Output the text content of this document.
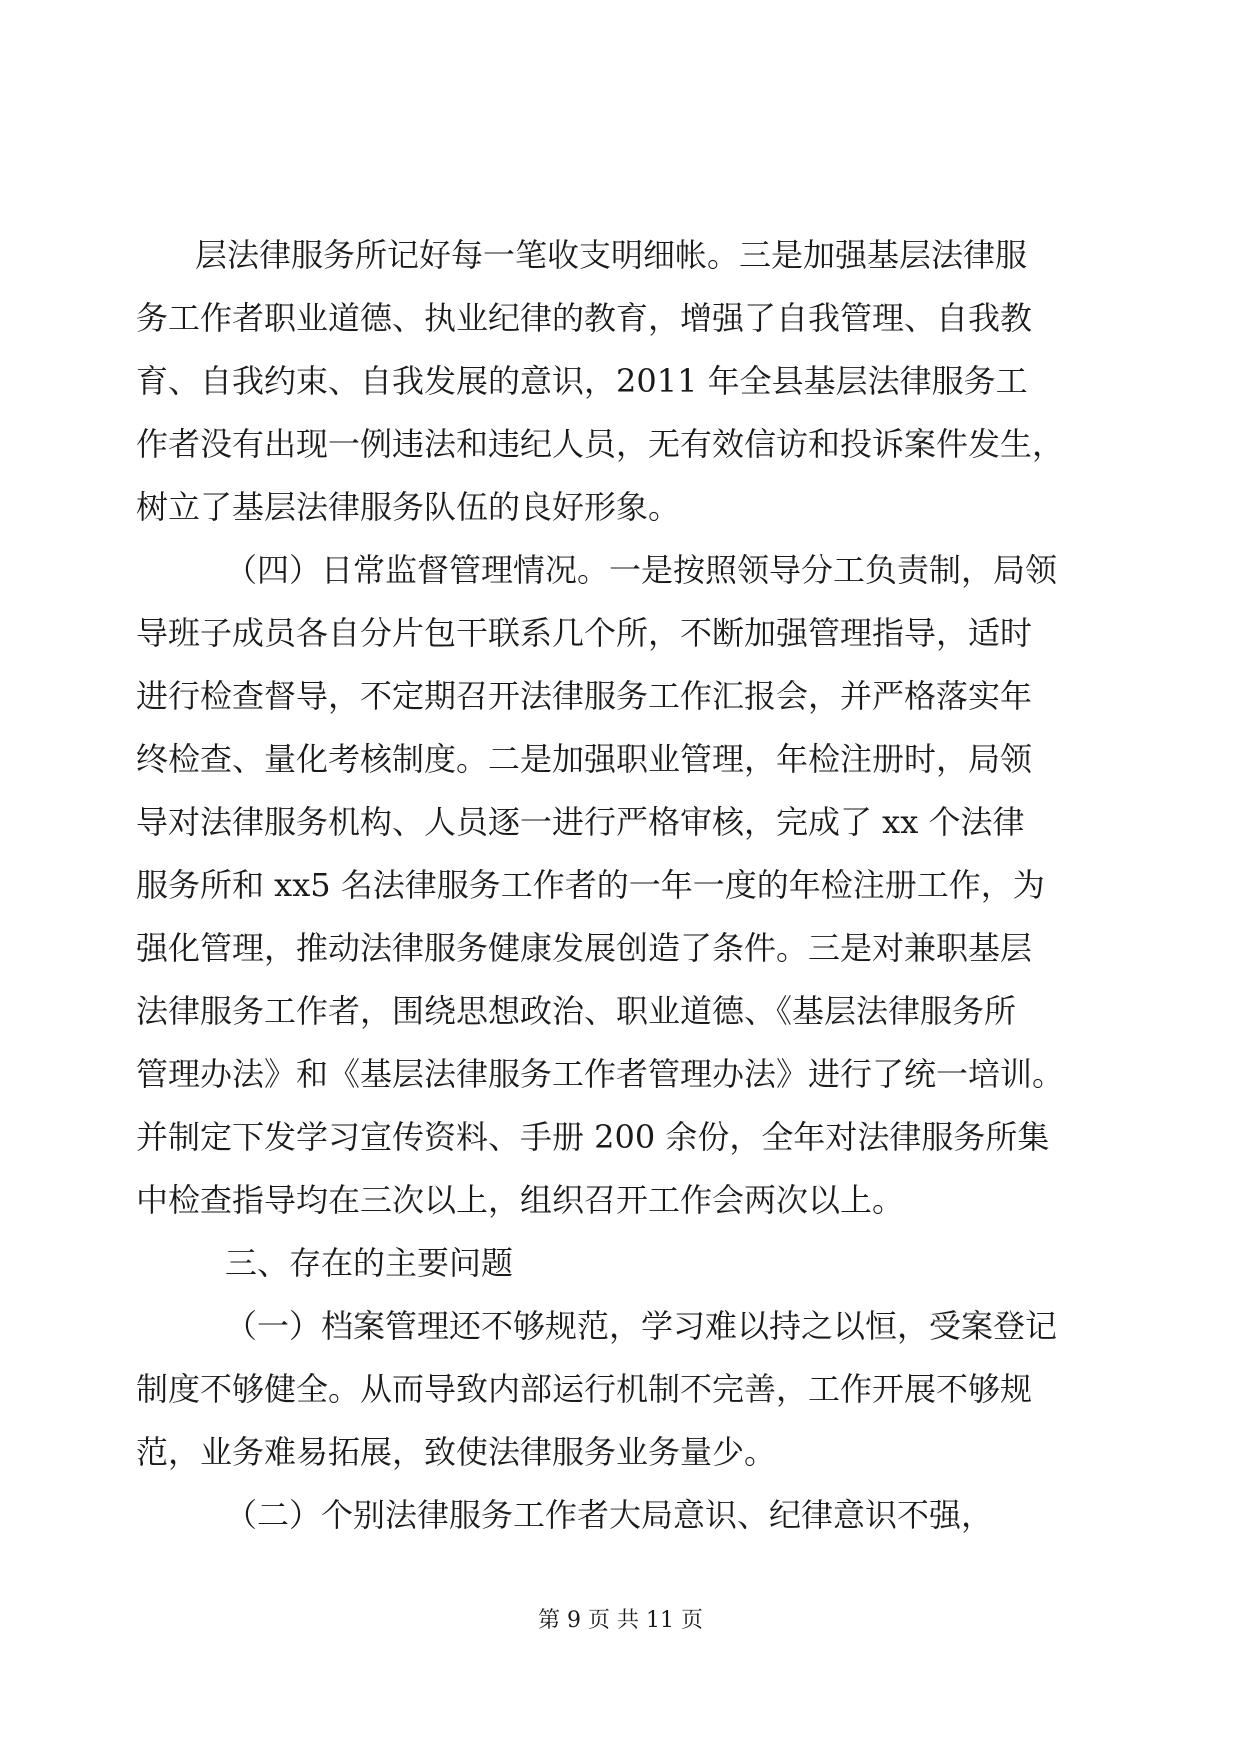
层法律服务所记好每一笔收支明细帐。三是加强基层法律服
务工作者职业道德、执业纪律的教育，增强了自我管理、自我教
育、自我约束、自我发展的意识，2011 年全县基层法律服务工
作者没有出现一例违法和违纪人员，无有效信访和投诉案件发生，
树立了基层法律服务队伍的良好形象。
（四）日常监督管理情况。一是按照领导分工负责制，局领
导班子成员各自分片包干联系几个所，不断加强管理指导，适时
进行检查督导，不定期召开法律服务工作汇报会，并严格落实年
终检查、量化考核制度。二是加强职业管理，年检注册时，局领
导对法律服务机构、人员逐一进行严格审核，完成了 xx 个法律
服务所和 xx5 名法律服务工作者的一年一度的年检注册工作，为
强化管理，推动法律服务健康发展创造了条件。三是对兼职基层
法律服务工作者，围绕思想政治、职业道德、《基层法律服务所
管理办法》和《基层法律服务工作者管理办法》进行了统一培训。
并制定下发学习宣传资料、手册 200 余份，全年对法律服务所集
中检查指导均在三次以上，组织召开工作会两次以上。
三、存在的主要问题
（一）档案管理还不够规范，学习难以持之以恒，受案登记
制度不够健全。从而导致内部运行机制不完善，工作开展不够规
范，业务难易拓展，致使法律服务业务量少。
（二）个别法律服务工作者大局意识、纪律意识不强，
第 9 页 共 11 页
